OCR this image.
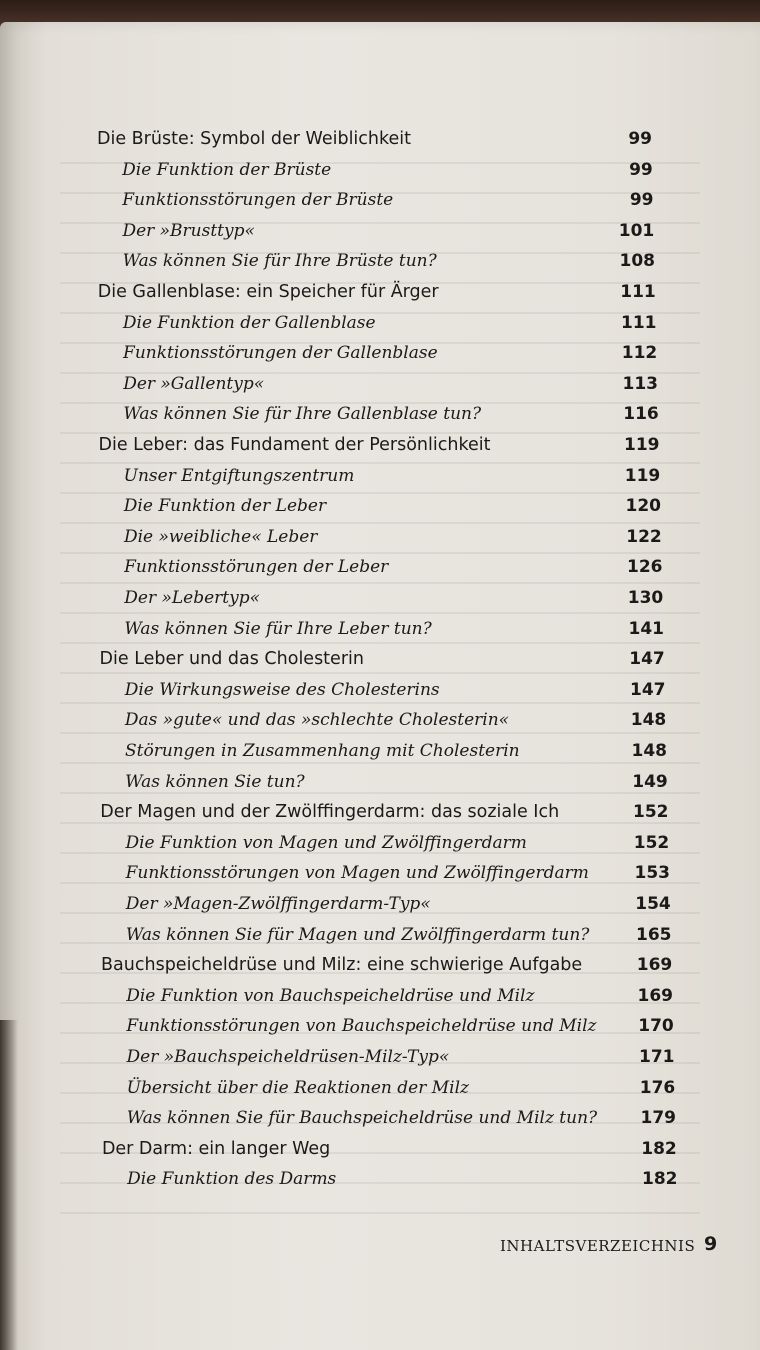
Die Brüste: Symbol der Weiblichkeit	99
Die Funktion der Brüste	99
Funktionsstörungen der Brüste	99
Der »Brusttyp«	101
Was können Sie für Ihre Brüste tun?	108
Die Gallenblase: ein Speicher für Ärger	111
Die Funktion der Gallenblase	111
Funktionsstörungen der Gallenblase	112
Der »Gallentyp«	113
Was können Sie für Ihre Gallenblase tun?	116
Die Leber: das Fundament der Persönlichkeit	119
Unser Entgiftungszentrum	119
Die Funktion der Leber	120
Die »weibliche« Leber	122
Funktionsstörungen der Leber	126
Der »Lebertyp«	130
Was können Sie für Ihre Leber tun?	141
Die Leber und das Cholesterin	147
Die Wirkungsweise des Cholesterins	147
Das »gute« und das »schlechte Cholesterin«	148
Störungen in Zusammenhang mit Cholesterin	148
Was können Sie tun?	149
Der Magen und der Zwölffingerdarm: das soziale Ich	152
Die Funktion von Magen und Zwölffingerdarm	152
Funktionsstörungen von Magen und Zwölffingerdarm	153
Der »Magen-Zwölffingerdarm-Typ«	154
Was können Sie für Magen und Zwölffingerdarm tun?	165
Bauchspeicheldrüse und Milz: eine schwierige Aufgabe	169
Die Funktion von Bauchspeicheldrüse und Milz	169
Funktionsstörungen von Bauchspeicheldrüse und Milz 170
Der »Bauchspeicheldrüsen-Milz-Typ«	171
Übersicht über die Reaktionen der Milz	176
Was können Sie für Bauchspeicheldrüse und Milz tun?	179
Der Darm: ein langer Weg	182
Die Funktion des Darms	182
INHALTSVERZEICHNIS 9
